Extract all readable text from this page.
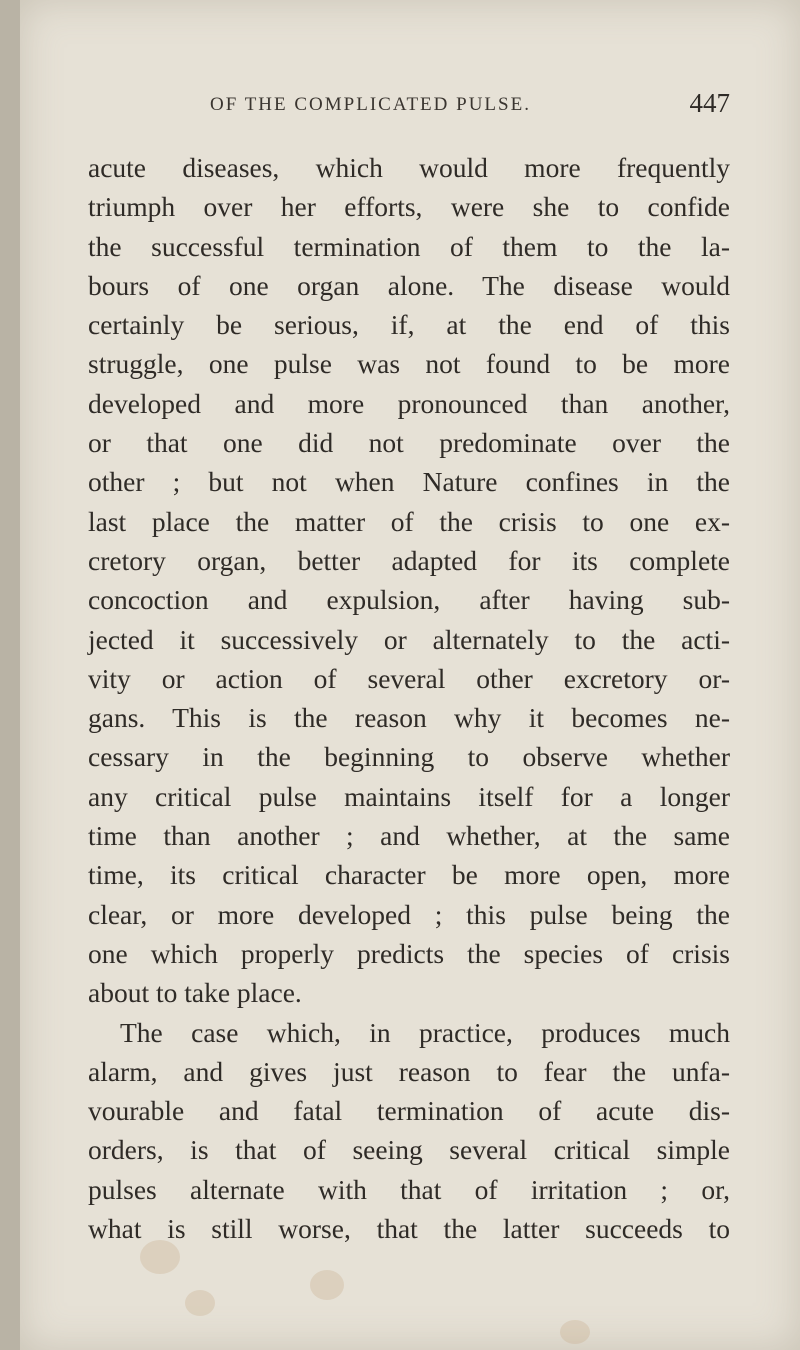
OF THE COMPLICATED PULSE.	447
acute diseases, which would more frequently
triumph over her efforts, were she to confide
the successful termination of them to the la-
bours of one organ alone. The disease would
certainly be serious, if, at the end of this
struggle, one pulse was not found to be more
developed and more pronounced than another,
or that one did not predominate over the
other ; but not when Nature confines in the
last place the matter of the crisis to one ex-
cretory organ, better adapted for its complete
concoction and expulsion, after having sub-
jected it successively or alternately to the acti-
vity or action of several other excretory or-
gans. This is the reason why it becomes ne-
cessary in the beginning to observe whether
any critical pulse maintains itself for a longer
time than another ; and whether, at the same
time, its critical character be more open, more
clear, or more developed ; this pulse being the
one which properly predicts the species of crisis
about to take place.
The case which, in practice, produces much
alarm, and gives just reason to fear the unfa-
vourable and fatal termination of acute dis-
orders, is that of seeing several critical simple
pulses alternate with that of irritation ; or,
what is still worse, that the latter succeeds to
